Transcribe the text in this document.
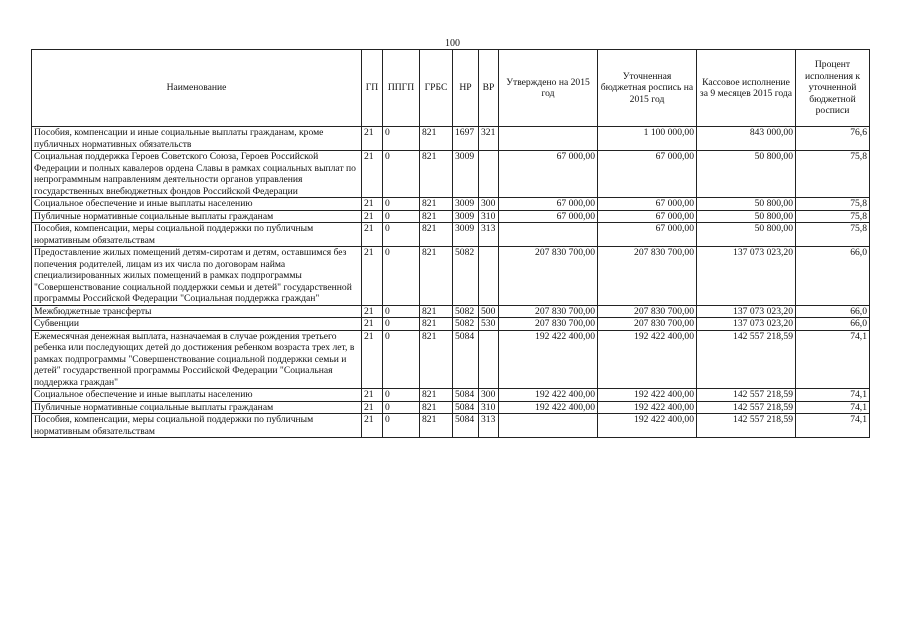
100
Наименование	ГП	ППГП	ГРБС	НР	ВР	Утверждено на 2015 год	Уточненная бюджетная роспись на 2015 год	Кассовое исполнение за 9 месяцев 2015 года	Процент исполнения к уточненной бюджетной росписи
Пособия, компенсации и иные социальные выплаты гражданам, кроме публичных нормативных обязательств	21	0	821	1697	321		1 100 000,00	843 000,00	76,6
Социальная поддержка Героев Советского Союза, Героев Российской Федерации и полных кавалеров ордена Славы в рамках социальных выплат по непрограммным направлениям деятельности органов управления государственных внебюджетных фондов Российской Федерации	21	0	821	3009		67 000,00	67 000,00	50 800,00	75,8
Социальное обеспечение и иные выплаты населению	21	0	821	3009	300	67 000,00	67 000,00	50 800,00	75,8
Публичные нормативные социальные выплаты гражданам	21	0	821	3009	310	67 000,00	67 000,00	50 800,00	75,8
Пособия, компенсации, меры социальной поддержки по публичным нормативным обязательствам	21	0	821	3009	313		67 000,00	50 800,00	75,8
Предоставление жилых помещений детям-сиротам и детям, оставшимся без попечения родителей, лицам из их числа по договорам найма специализированных жилых помещений в рамках подпрограммы "Совершенствование социальной поддержки семьи и детей" государственной программы Российской Федерации "Социальная поддержка граждан"	21	0	821	5082		207 830 700,00	207 830 700,00	137 073 023,20	66,0
Межбюджетные трансферты	21	0	821	5082	500	207 830 700,00	207 830 700,00	137 073 023,20	66,0
Субвенции	21	0	821	5082	530	207 830 700,00	207 830 700,00	137 073 023,20	66,0
Ежемесячная денежная выплата, назначаемая в случае рождения третьего ребенка или последующих детей до достижения ребенком возраста трех лет, в рамках подпрограммы "Совершенствование социальной поддержки семьи и детей" государственной программы Российской Федерации "Социальная поддержка граждан"	21	0	821	5084		192 422 400,00	192 422 400,00	142 557 218,59	74,1
Социальное обеспечение и иные выплаты населению	21	0	821	5084	300	192 422 400,00	192 422 400,00	142 557 218,59	74,1
Публичные нормативные социальные выплаты гражданам	21	0	821	5084	310	192 422 400,00	192 422 400,00	142 557 218,59	74,1
Пособия, компенсации, меры социальной поддержки по публичным нормативным обязательствам	21	0	821	5084	313		192 422 400,00	142 557 218,59	74,1
